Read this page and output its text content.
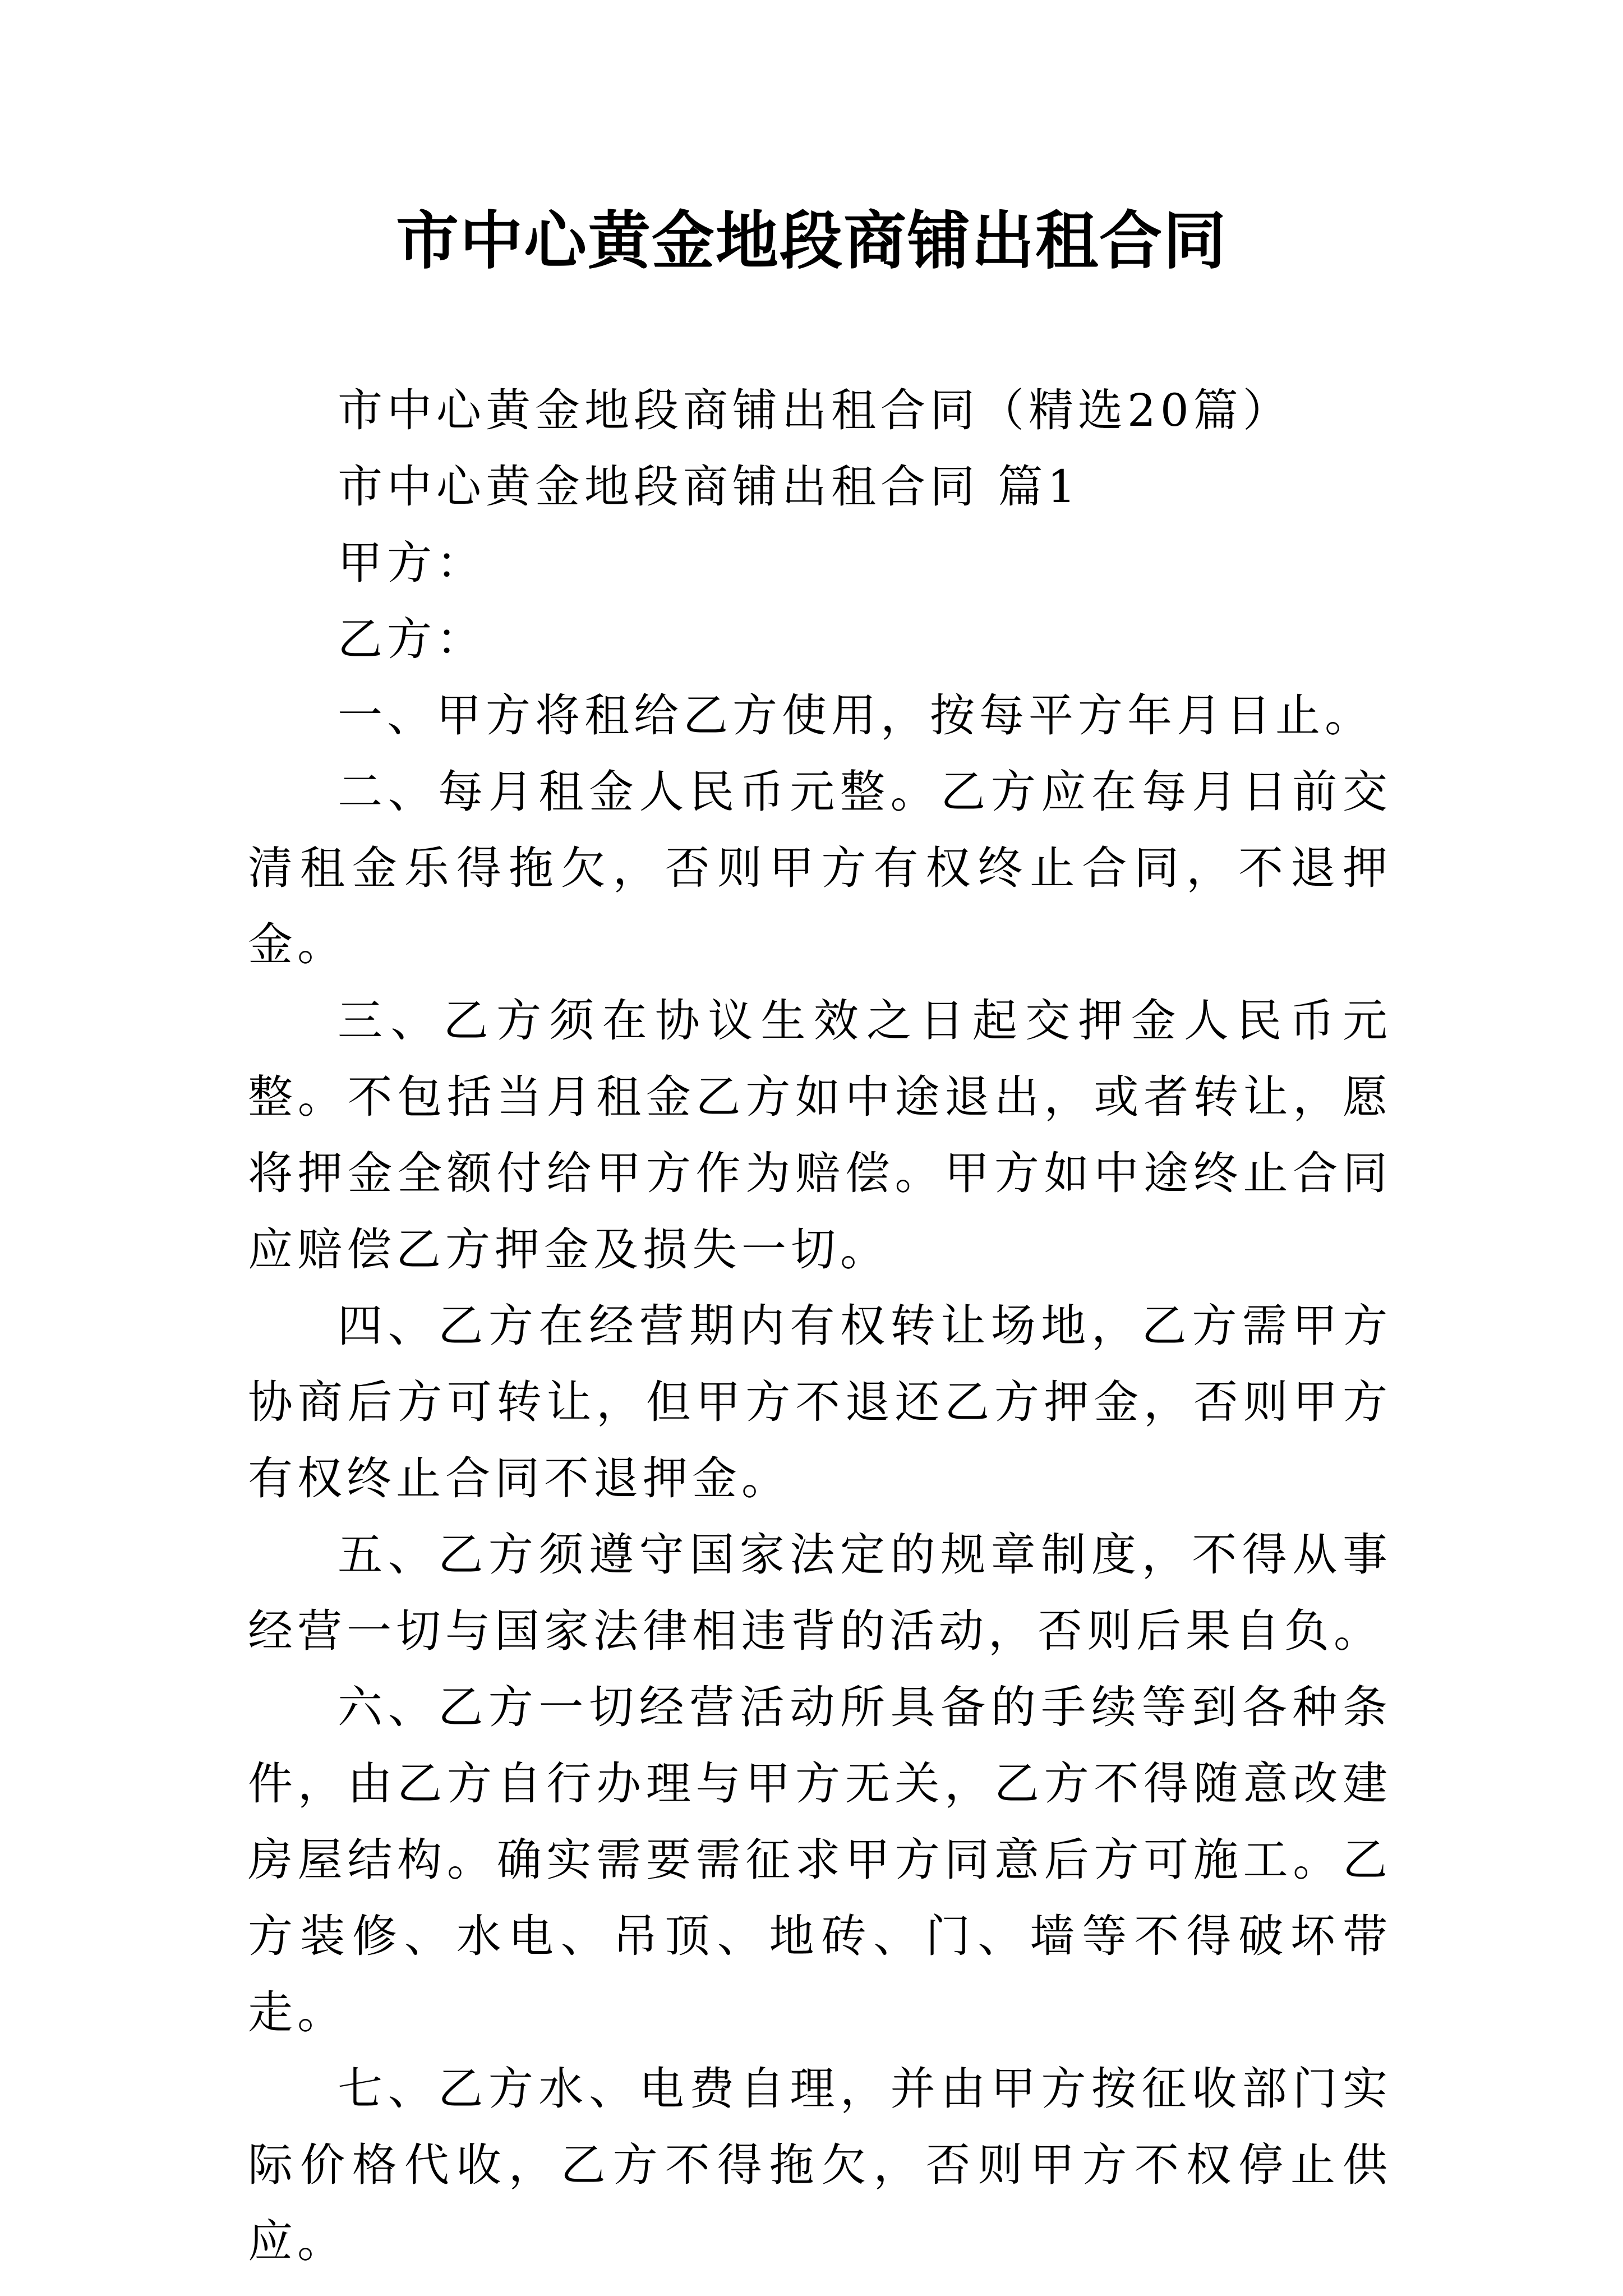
市中心黄金地段商铺出租合同

市中心黄金地段商铺出租合同（精选20篇）

市中心黄金地段商铺出租合同 篇1

甲方：

乙方：

一、甲方将租给乙方使用，按每平方年月日止。

二、每月租金人民币元整。乙方应在每月日前交清租金乐得拖欠，否则甲方有权终止合同，不退押金。

三、乙方须在协议生效之日起交押金人民币元整。不包括当月租金乙方如中途退出，或者转让，愿将押金全额付给甲方作为赔偿。甲方如中途终止合同应赔偿乙方押金及损失一切。

四、乙方在经营期内有权转让场地，乙方需甲方协商后方可转让，但甲方不退还乙方押金，否则甲方有权终止合同不退押金。

五、乙方须遵守国家法定的规章制度，不得从事经营一切与国家法律相违背的活动，否则后果自负。

六、乙方一切经营活动所具备的手续等到各种条件，由乙方自行办理与甲方无关，乙方不得随意改建房屋结构。确实需要需征求甲方同意后方可施工。乙方装修、水电、吊顶、地砖、门、墙等不得破坏带走。

七、乙方水、电费自理，并由甲方按征收部门实际价格代收，乙方不得拖欠，否则甲方不权停止供应。
